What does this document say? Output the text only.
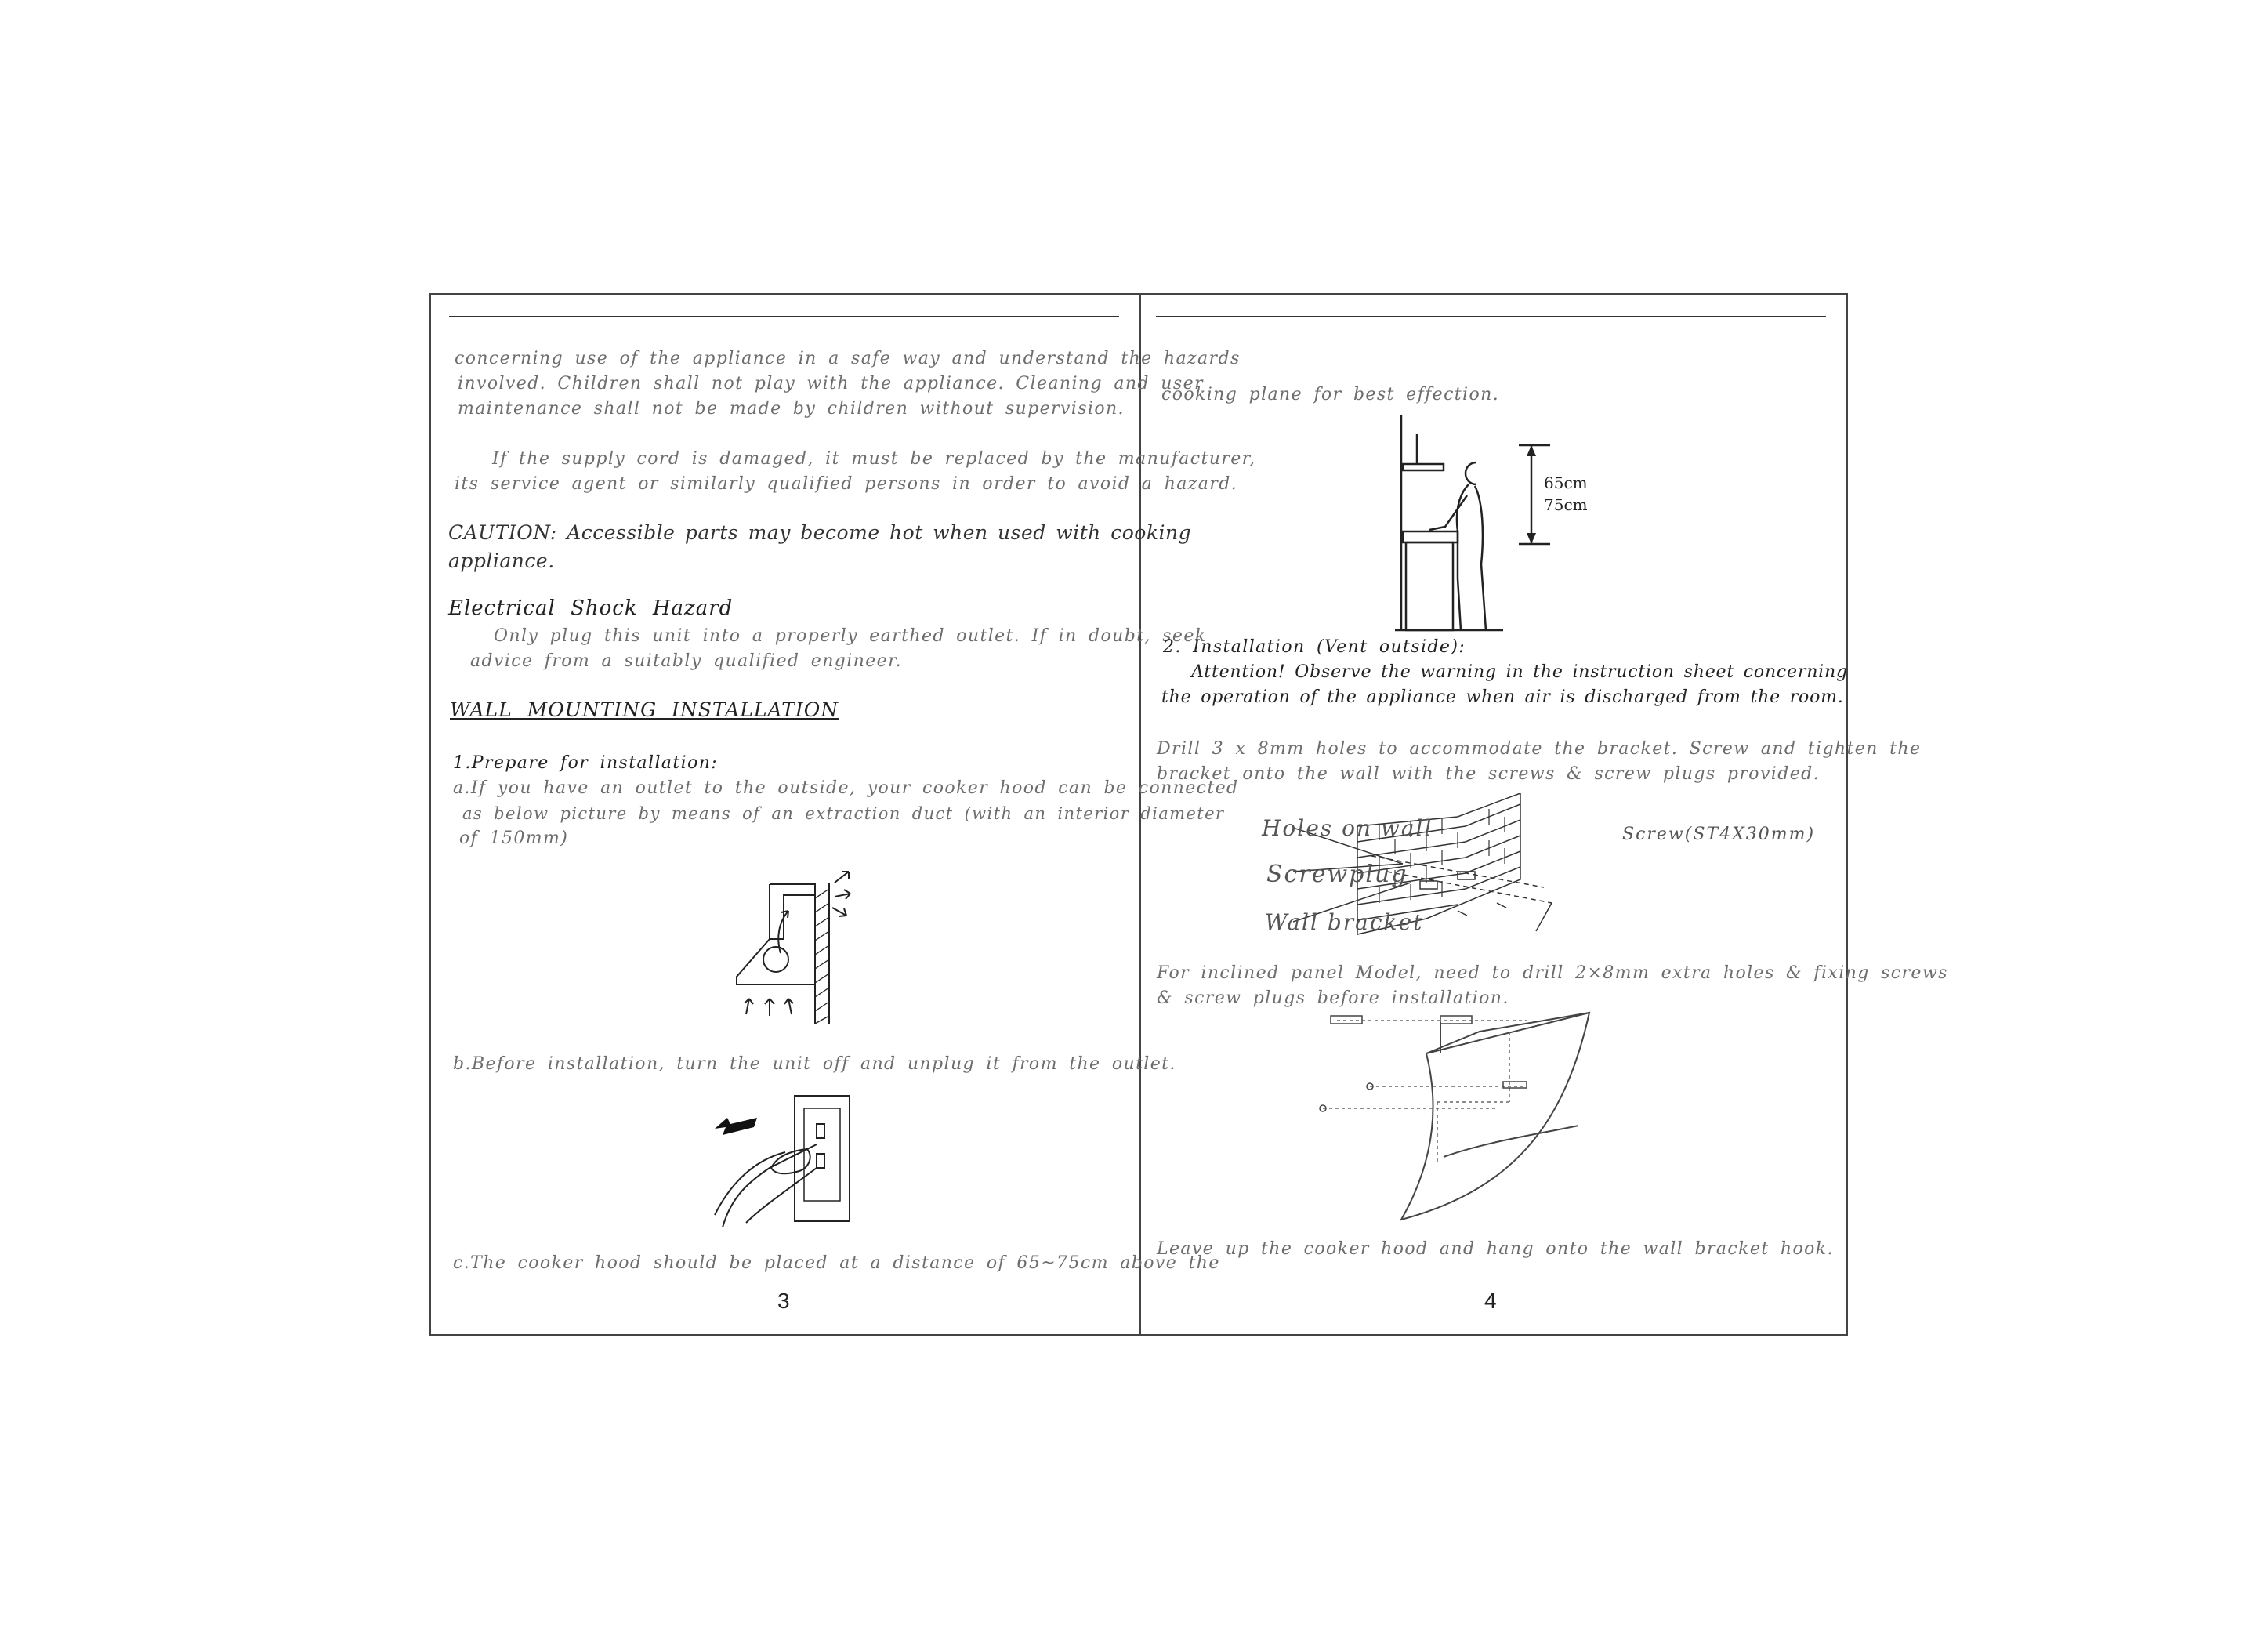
concerning use of the appliance in a safe way and understand the hazards
involved. Children shall not play with the appliance. Cleaning and user
maintenance shall not be made by children without supervision.
If the supply cord is damaged, it must be replaced by the manufacturer,
its service agent or similarly qualified persons in order to avoid a hazard.
CAUTION: Accessible parts may become hot when used with cooking
appliance.
Electrical Shock Hazard
Only plug this unit into a properly earthed outlet. If in doubt, seek
advice from a suitably qualified engineer.
WALL MOUNTING INSTALLATION
1.Prepare for installation:
a.If you have an outlet to the outside, your cooker hood can be connected
as below picture by means of an extraction duct (with an interior diameter
of 150mm)
b.Before installation, turn the unit off and unplug it from the outlet.
c.The cooker hood should be placed at a distance of 65~75cm above the
3
cooking plane for best effection.
65cm
75cm
2. Installation (Vent outside):
Attention! Observe the warning in the instruction sheet concerning
the operation of the appliance when air is discharged from the room.
Drill 3 x 8mm holes to accommodate the bracket. Screw and tighten the
bracket onto the wall with the screws & screw plugs provided.
Holes on wall
Screwplug
Wall bracket
Screw(ST4X30mm)
For inclined panel Model, need to drill 2×8mm extra holes & fixing screws
& screw plugs before installation.
Leave up the cooker hood and hang onto the wall bracket hook.
4
